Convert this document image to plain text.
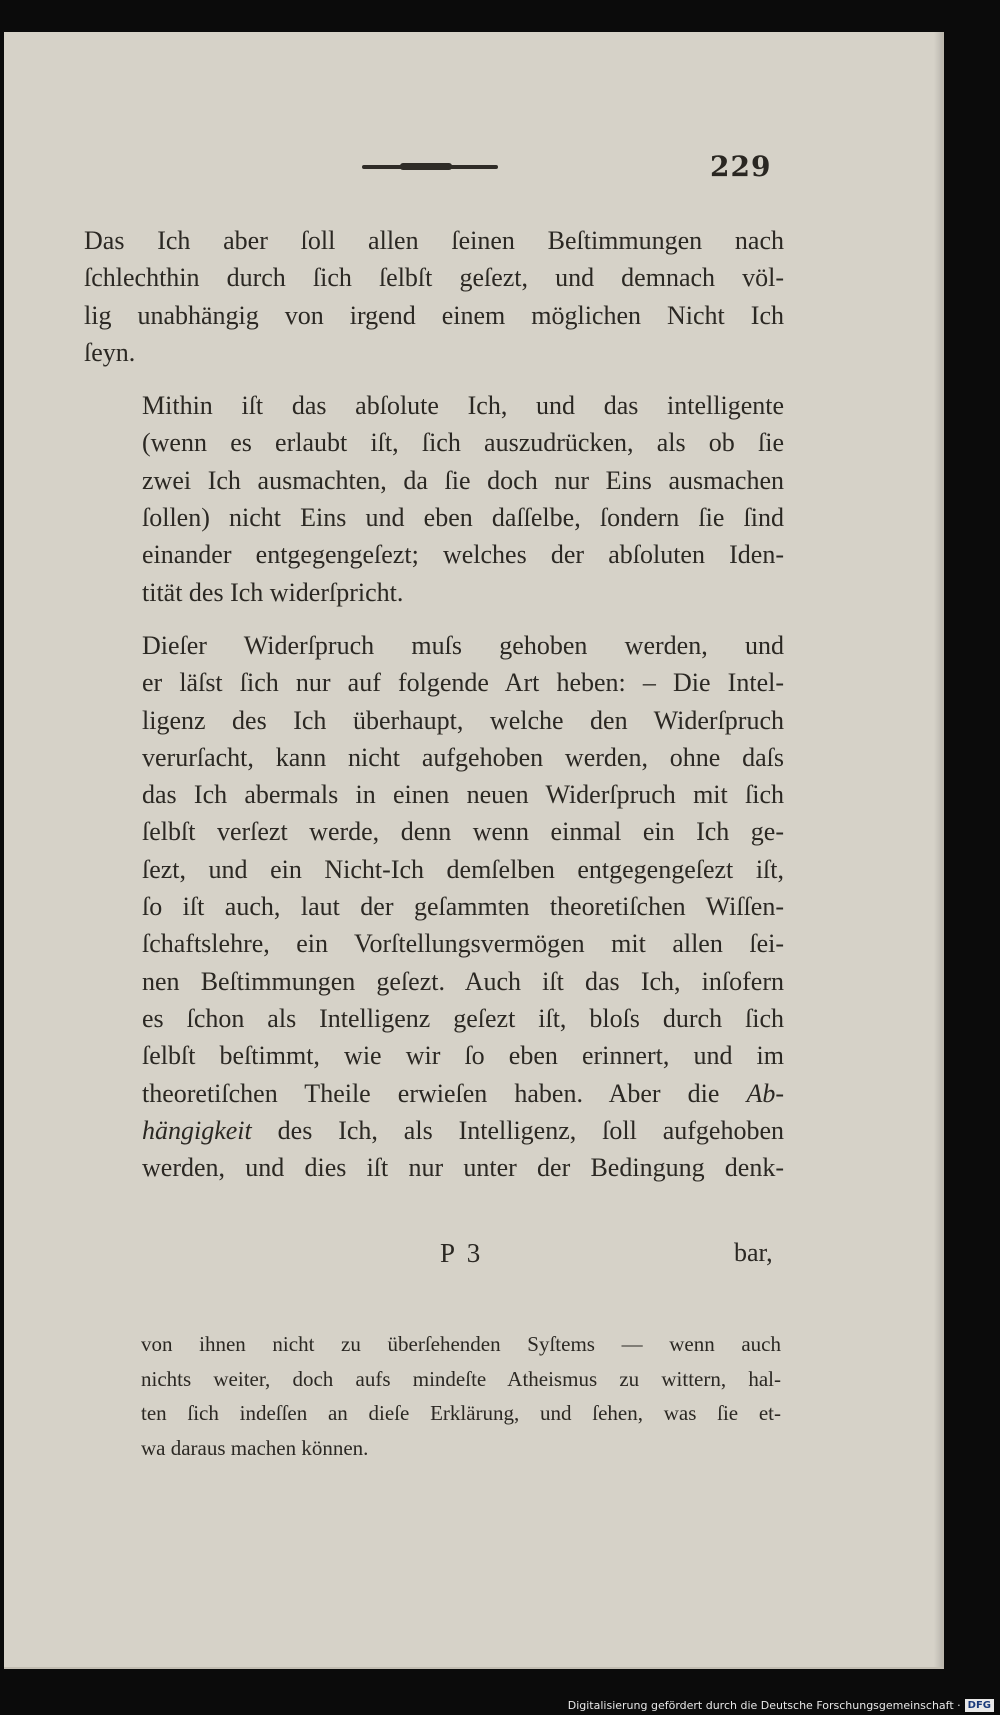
229

Das Ich aber ſoll allen ſeinen Beſtimmungen nach
ſchlechthin durch ſich ſelbſt geſezt, und demnach völ-
lig unabhängig von irgend einem möglichen Nicht Ich
ſeyn.

Mithin iſt das abſolute Ich, und das intelligente
(wenn es erlaubt iſt, ſich auszudrücken, als ob ſie
zwei Ich ausmachten, da ſie doch nur Eins ausmachen
ſollen) nicht Eins und eben daſſelbe, ſondern ſie ſind
einander entgegengeſezt; welches der abſoluten Iden-
tität des Ich widerſpricht.

Dieſer Widerſpruch muſs gehoben werden, und
er läſst ſich nur auf folgende Art heben: – Die Intel-
ligenz des Ich überhaupt, welche den Widerſpruch
verurſacht, kann nicht aufgehoben werden, ohne daſs
das Ich abermals in einen neuen Widerſpruch mit ſich
ſelbſt verſezt werde, denn wenn einmal ein Ich ge-
ſezt, und ein Nicht-Ich demſelben entgegengeſezt iſt,
ſo iſt auch, laut der geſammten theoretiſchen Wiſſen-
ſchaftslehre, ein Vorſtellungsvermögen mit allen ſei-
nen Beſtimmungen geſezt. Auch iſt das Ich, inſofern
es ſchon als Intelligenz geſezt iſt, bloſs durch ſich
ſelbſt beſtimmt, wie wir ſo eben erinnert, und im
theoretiſchen Theile erwieſen haben. Aber die Ab-
hängigkeit des Ich, als Intelligenz, ſoll aufgehoben
werden, und dies iſt nur unter der Bedingung denk-

P 3	bar,
von ihnen nicht zu überſehenden Syſtems — wenn auch
nichts weiter, doch aufs mindeſte Atheismus zu wittern, hal-
ten ſich indeſſen an dieſe Erklärung, und ſehen, was ſie et-
wa daraus machen können.
Digitalisierung gefördert durch die Deutsche Forschungsgemeinschaft · DFG
